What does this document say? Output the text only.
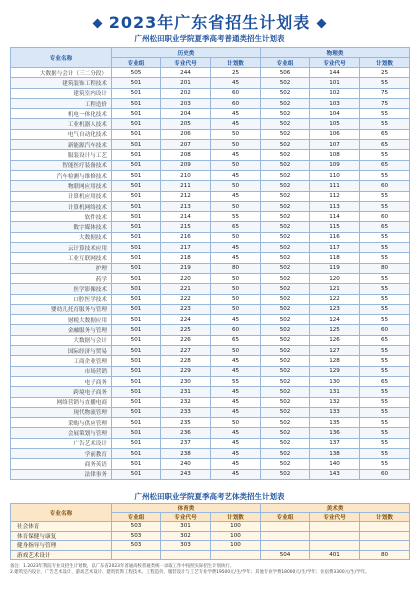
2023年广东省招生计划表
广州松田职业学院夏季高考普通类招生计划表
专业名称	历史类			物理类		
	专业组	专业代号	计划数	专业组	专业代号	计划数
大数据与会计（三二分段）	505	244	25	506	144	25
建筑装饰工程技术	501	201	45	502	101	55
建筑室内设计	501	202	60	502	102	75
工程造价	501	203	60	502	103	75
机电一体化技术	501	204	45	502	104	55
工业机器人技术	501	205	45	502	105	55
电气自动化技术	501	206	50	502	106	65
新能源汽车技术	501	207	50	502	107	65
服装设计与工艺	501	208	45	502	108	55
智能医疗装备技术	501	209	50	502	109	65
汽车检测与维修技术	501	210	45	502	110	55
物联网应用技术	501	211	50	502	111	60
计算机应用技术	501	212	45	502	112	55
计算机网络技术	501	213	50	502	113	55
软件技术	501	214	55	502	114	60
数字媒体技术	501	215	65	502	115	65
大数据技术	501	216	50	502	116	55
云计算技术应用	501	217	45	502	117	55
工业互联网技术	501	218	45	502	118	55
护理	501	219	80	502	119	80
药学	501	220	50	502	120	55
医学影像技术	501	221	50	502	121	55
口腔医学技术	501	222	50	502	122	55
婴幼儿托育服务与管理	501	223	50	502	123	55
财税大数据应用	501	224	45	502	124	55
金融服务与管理	501	225	60	502	125	60
大数据与会计	501	226	65	502	126	65
国际经济与贸易	501	227	50	502	127	55
工商企业管理	501	228	45	502	128	55
市场营销	501	229	45	502	129	55
电子商务	501	230	55	502	130	65
跨境电子商务	501	231	45	502	131	55
网络营销与直播电商	501	232	45	502	132	55
现代物流管理	501	233	45	502	133	55
采购与供应管理	501	235	50	502	135	55
会展策划与管理	501	236	45	502	136	55
广告艺术设计	501	237	45	502	137	55
学前教育	501	238	45	502	138	55
商务英语	501	240	45	502	140	55
法律事务	501	243	45	502	143	60
广州松田职业学院夏季高考艺体类招生计划表
专业名称	体育类			美术类		
	专业组	专业代号	计划数	专业组	专业代号	计划数
社会体育	503	301	100			
体育保健与康复	503	302	100			
健身指导与管理	503	303	100			
游戏艺术设计				504	401	80
备注：1.2023年我院专业及招生计划数，以广东省2023年普通高校普通类统一录取工作中按照实际招生计划执行。
2.建筑室内设计、广告艺术设计、游戏艺术设计、建筑装饰工程技术、工程造价，服装设计与工艺专业学费19500元/生/学年；其他专业学费18000元/生/学年；住宿费3300元/生/学年。
